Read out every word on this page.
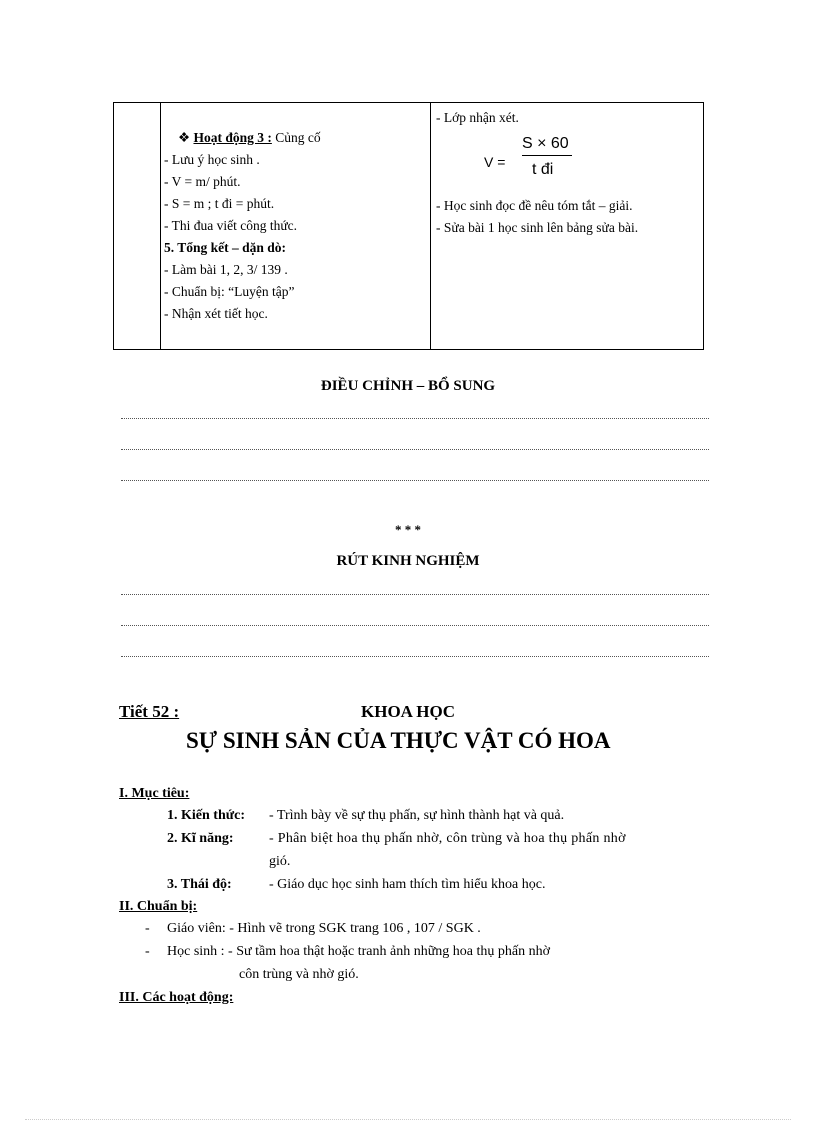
❖ Hoạt động 3 : Củng cố
- Lưu ý học sinh .
- V = m/ phút.
- S = m ; t đi = phút.
- Thi đua viết công thức.
5. Tổng kết – dặn dò:
- Làm bài 1, 2, 3/ 139 .
- Chuẩn bị: “Luyện tập”
- Nhận xét tiết học.
- Lớp nhận xét.
V =
S × 60
t đi
- Học sinh đọc đề nêu tóm tắt – giải.
- Sửa bài 1 học sinh lên bảng sửa bài.
ĐIỀU CHỈNH – BỔ SUNG
* * *
RÚT KINH NGHIỆM
Tiết 52 :	KHOA HỌC
SỰ SINH SẢN CỦA THỰC VẬT CÓ HOA
I. Mục tiêu:
1. Kiến thức: - Trình bày về sự thụ phấn, sự hình thành hạt và quả.
2. Kĩ năng:	- Phân biệt hoa thụ phấn nhờ, côn trùng và hoa thụ phấn nhờ
gió.
3. Thái độ:	- Giáo dục học sinh ham thích tìm hiểu khoa học.
II. Chuẩn bị:
- Giáo viên: - Hình vẽ trong SGK trang 106 , 107 / SGK .
- Học sinh : - Sư tầm hoa thật hoặc tranh ảnh những hoa thụ phấn nhờ
côn trùng và nhờ gió.
III. Các hoạt động:
